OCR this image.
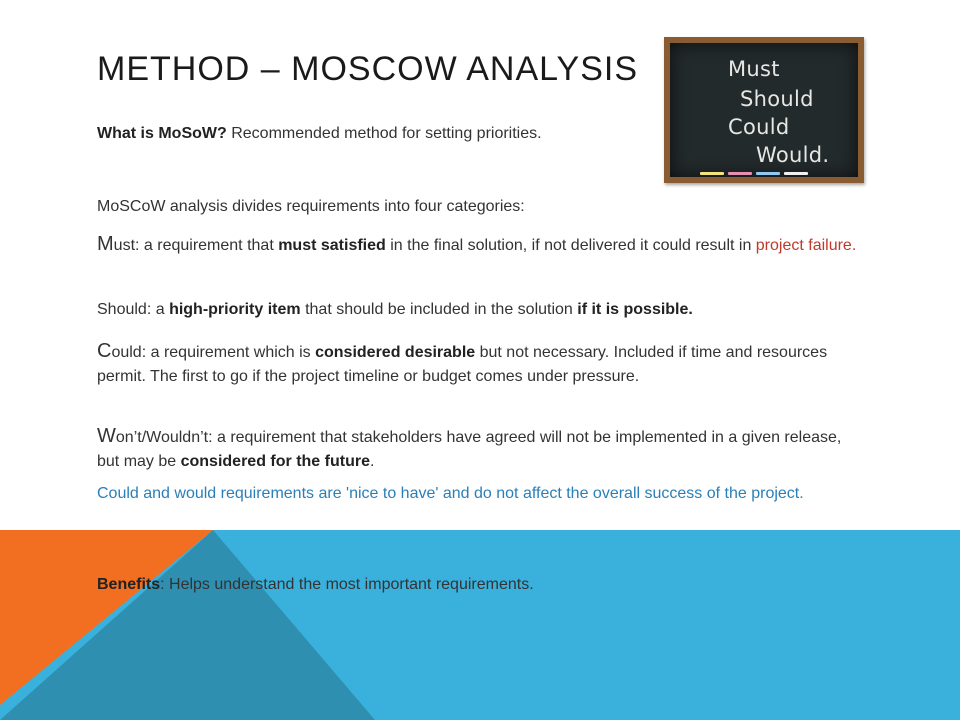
METHOD – MOSCOW ANALYSIS	Must
Should
Could
Would.

What is MoSoW? Recommended method for setting priorities.

MoSCoW analysis divides requirements into four categories:

Must: a requirement that must satisfied in the final solution, if not delivered it could result in project failure.

Should: a high-priority item that should be included in the solution if it is possible.

Could: a requirement which is considered desirable but not necessary. Included if time and resources permit. The first to go if the project timeline or budget comes under pressure.

Won’t/Wouldn’t: a requirement that stakeholders have agreed will not be implemented in a given release, but may be considered for the future.

Could and would requirements are 'nice to have' and do not affect the overall success of the project.

Benefits: Helps understand the most important requirements.
